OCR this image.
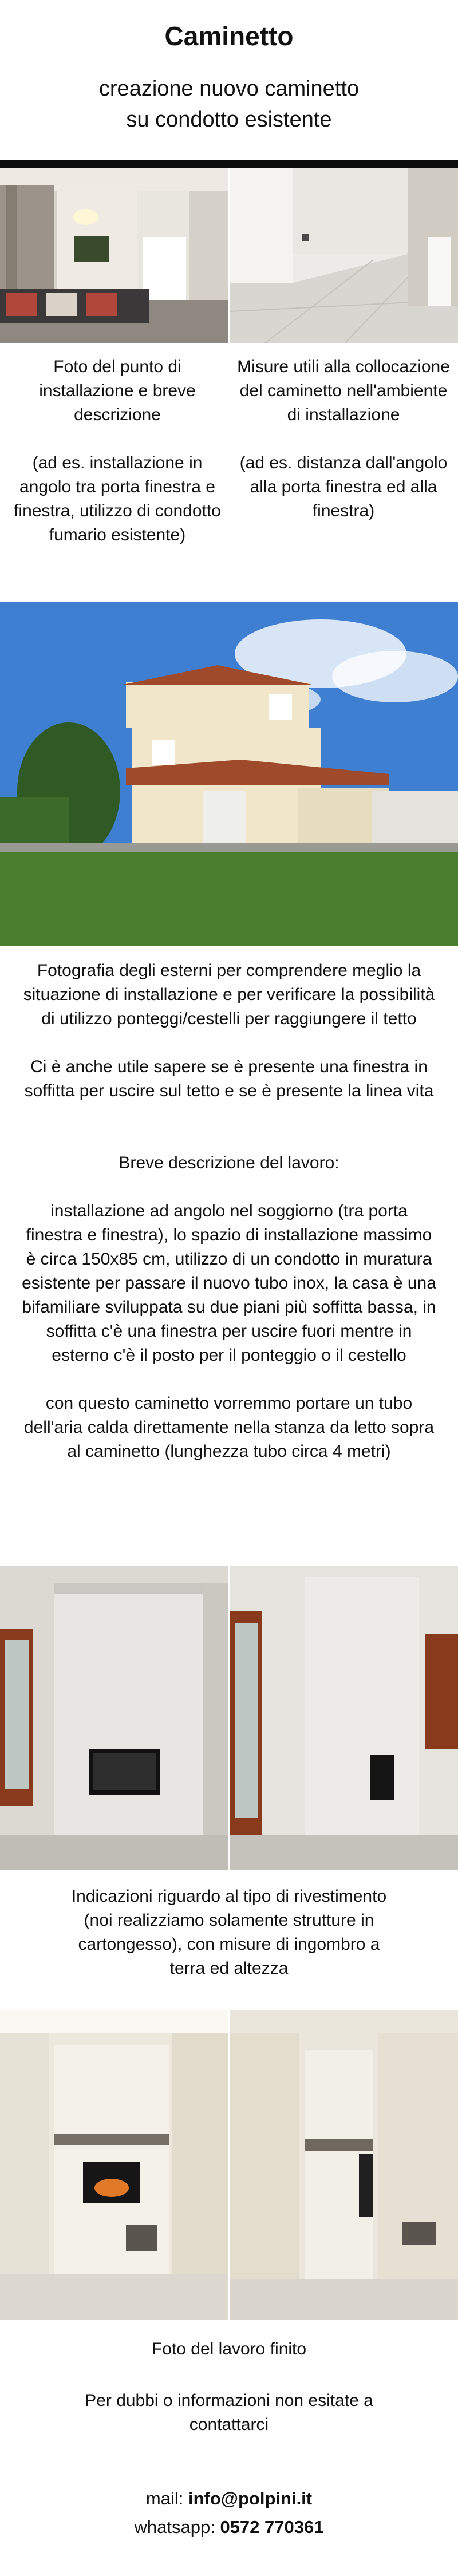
Caminetto
creazione nuovo caminetto su condotto esistente
Foto del punto di installazione e breve descrizione

(ad es. installazione in angolo tra porta finestra e finestra, utilizzo di condotto fumario esistente)
Misure utili alla collocazione del caminetto nell'ambiente di installazione

(ad es. distanza dall'angolo alla porta finestra ed alla finestra)
Fotografia degli esterni per comprendere meglio la situazione di installazione e per verificare la possibilità di utilizzo ponteggi/cestelli per raggiungere il tetto

Ci è anche utile sapere se è presente una finestra in soffitta per uscire sul tetto e se è presente la linea vita

Breve descrizione del lavoro:

installazione ad angolo nel soggiorno (tra porta finestra e finestra), lo spazio di installazione massimo è circa 150x85 cm, utilizzo di un condotto in muratura esistente per passare il nuovo tubo inox, la casa è una bifamiliare sviluppata su due piani più soffitta bassa, in soffitta c'è una finestra per uscire fuori mentre in esterno c'è il posto per il ponteggio o il cestello

con questo caminetto vorremmo portare un tubo dell'aria calda direttamente nella stanza da letto sopra al caminetto (lunghezza tubo circa 4 metri)
Indicazioni riguardo al tipo di rivestimento (noi realizziamo solamente strutture in cartongesso), con misure di ingombro a terra ed altezza
Foto del lavoro finito
Per dubbi o informazioni non esitate a contattarci
mail: info@polpini.it
whatsapp: 0572 770361
